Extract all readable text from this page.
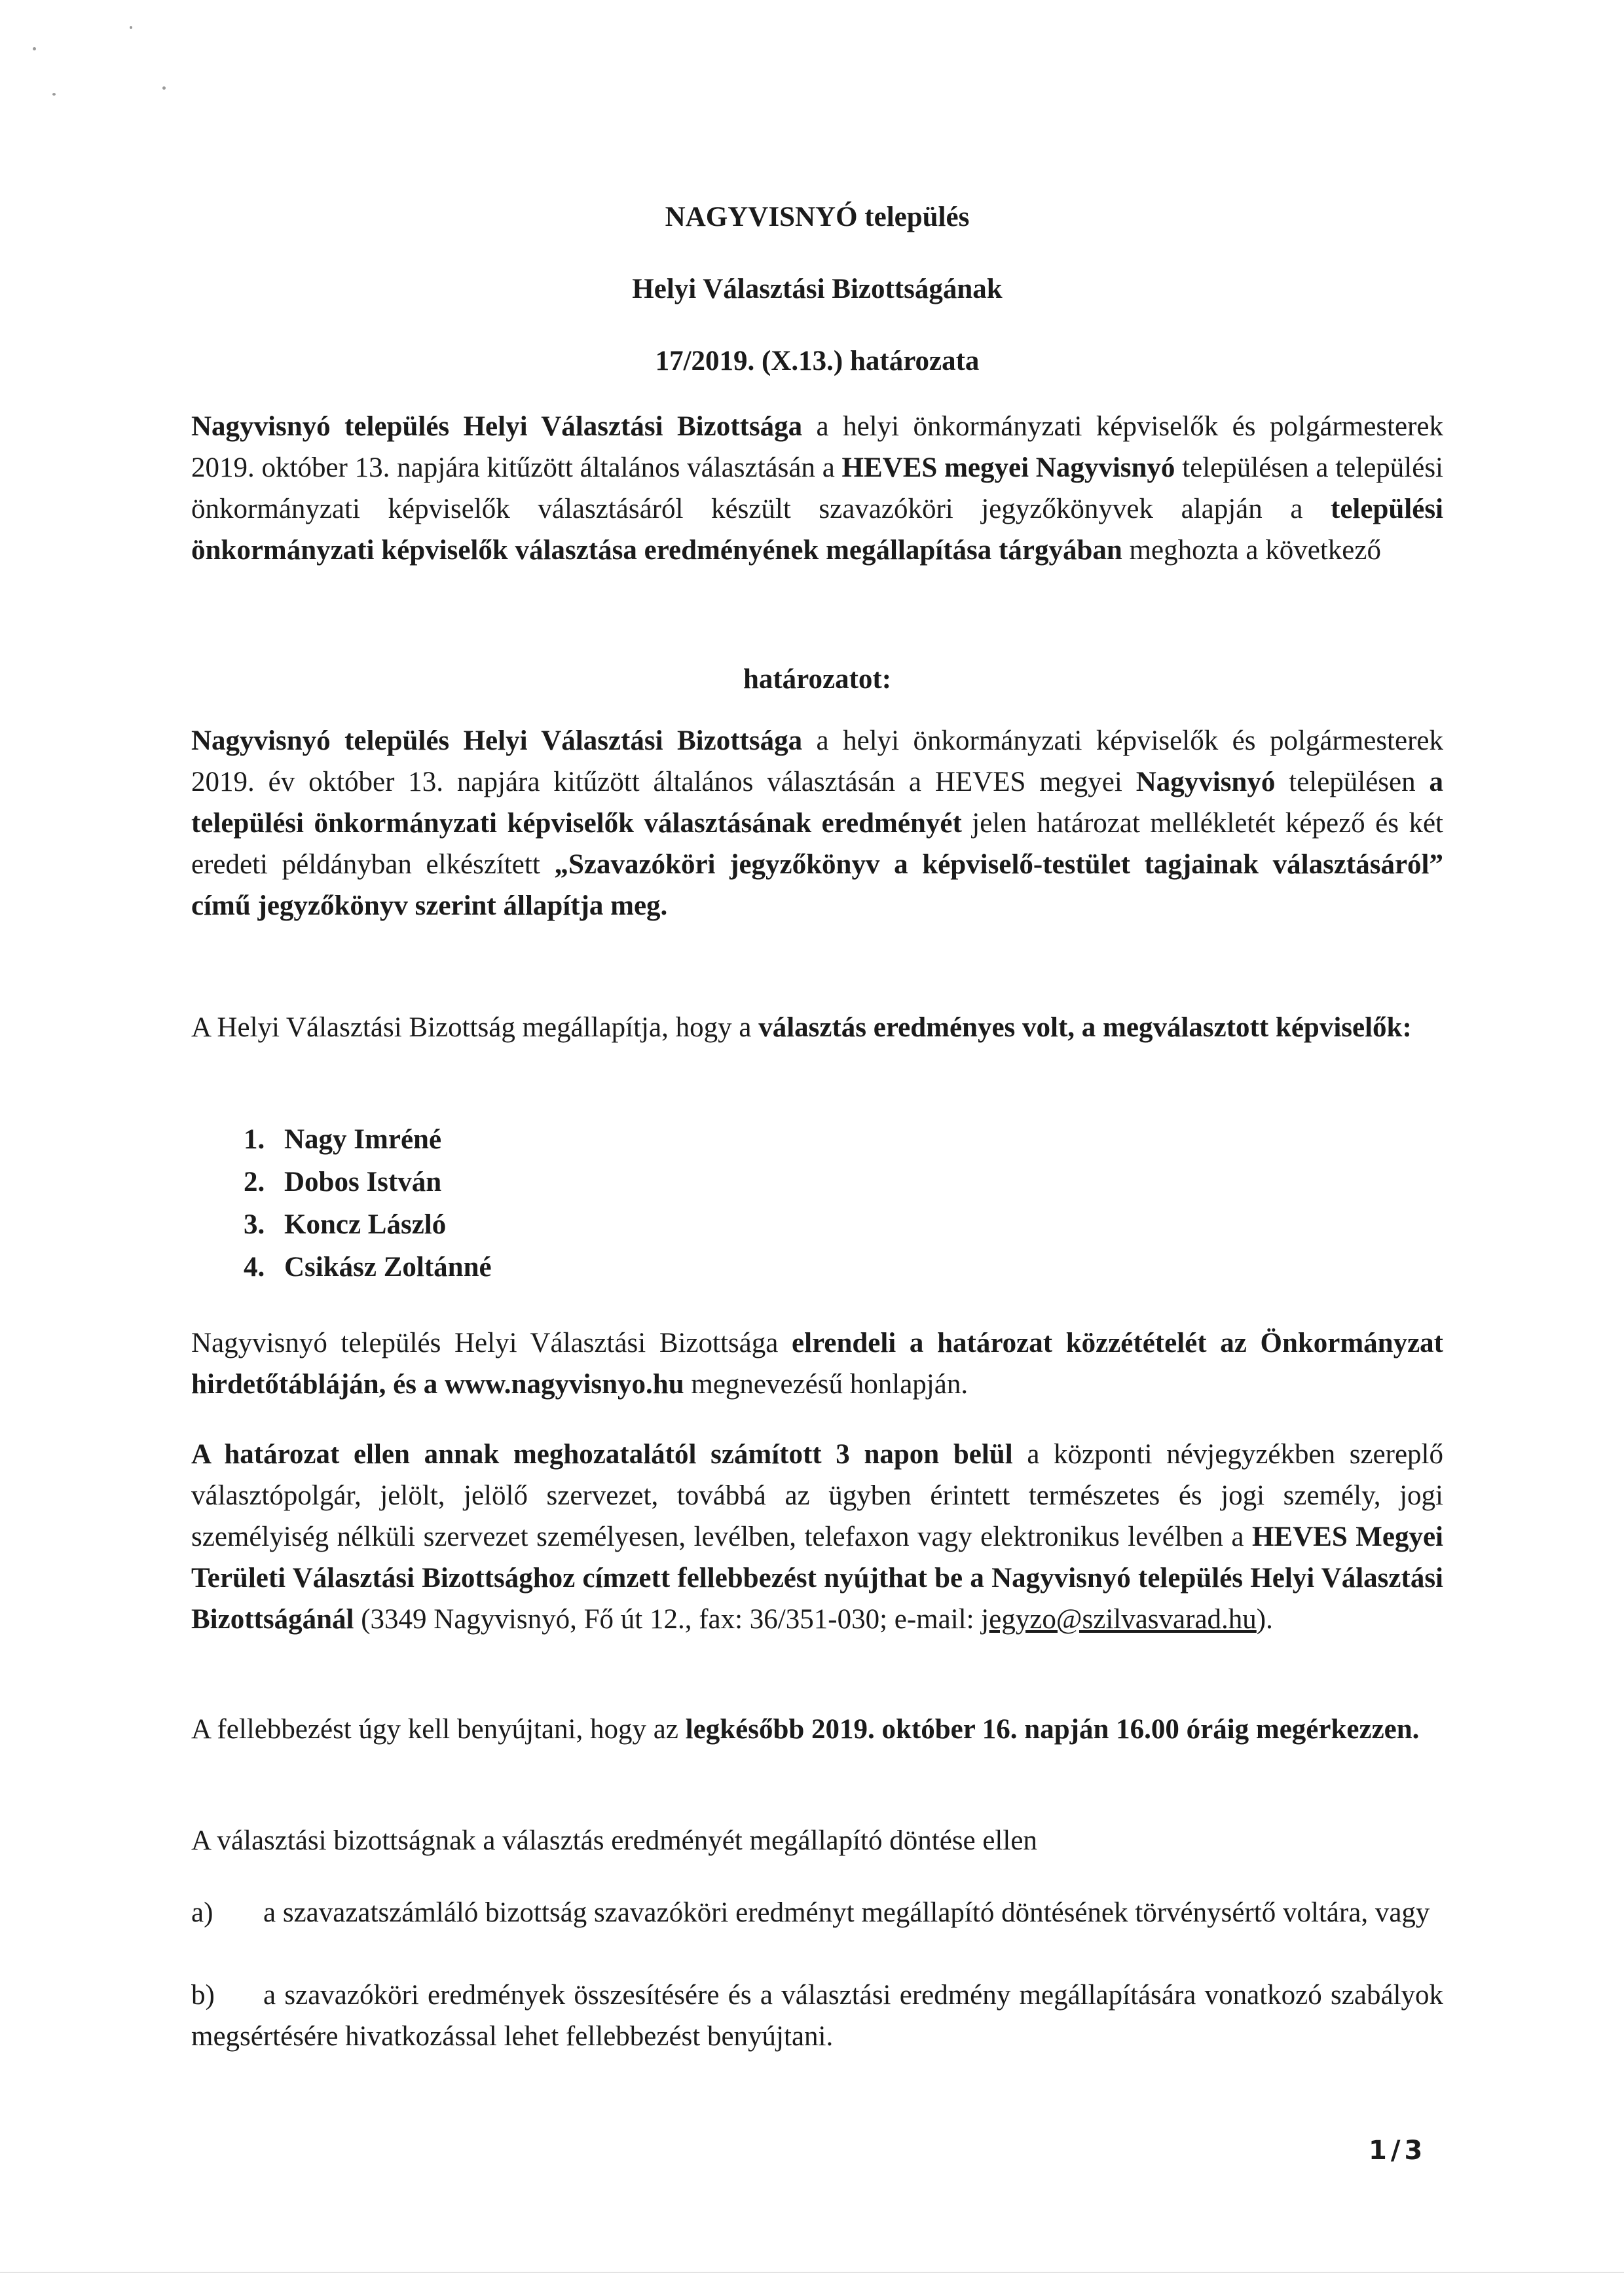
NAGYVISNYÓ település
Helyi Választási Bizottságának
17/2019. (X.13.) határozata
Nagyvisnyó település Helyi Választási Bizottsága a helyi önkormányzati képviselők és polgármesterek 2019. október 13. napjára kitűzött általános választásán a HEVES megyei Nagyvisnyó településen a települési önkormányzati képviselők választásáról készült szavazóköri jegyzőkönyvek alapján a települési önkormányzati képviselők választása eredményének megállapítása tárgyában meghozta a következő
határozatot:
Nagyvisnyó település Helyi Választási Bizottsága a helyi önkormányzati képviselők és polgármesterek 2019. év október 13. napjára kitűzött általános választásán a HEVES megyei Nagyvisnyó településen a települési önkormányzati képviselők választásának eredményét jelen határozat mellékletét képező és két eredeti példányban elkészített „Szavazóköri jegyzőkönyv a képviselő-testület tagjainak választásáról” című jegyzőkönyv szerint állapítja meg.
A Helyi Választási Bizottság megállapítja, hogy a választás eredményes volt, a megválasztott képviselők:
1. Nagy Imréné
2. Dobos István
3. Koncz László
4. Csikász Zoltánné
Nagyvisnyó település Helyi Választási Bizottsága elrendeli a határozat közzétételét az Önkormányzat hirdetőtábláján, és a www.nagyvisnyo.hu megnevezésű honlapján.
A határozat ellen annak meghozatalától számított 3 napon belül a központi névjegyzékben szereplő választópolgár, jelölt, jelölő szervezet, továbbá az ügyben érintett természetes és jogi személy, jogi személyiség nélküli szervezet személyesen, levélben, telefaxon vagy elektronikus levélben a HEVES Megyei Területi Választási Bizottsághoz címzett fellebbezést nyújthat be a Nagyvisnyó település Helyi Választási Bizottságánál (3349 Nagyvisnyó, Fő út 12., fax: 36/351-030; e-mail: jegyzo@szilvasvarad.hu).
A fellebbezést úgy kell benyújtani, hogy az legkésőbb 2019. október 16. napján 16.00 óráig megérkezzen.
A választási bizottságnak a választás eredményét megállapító döntése ellen
a) a szavazatszámláló bizottság szavazóköri eredményt megállapító döntésének törvénysértő voltára, vagy
b) a szavazóköri eredmények összesítésére és a választási eredmény megállapítására vonatkozó szabályok megsértésére hivatkozással lehet fellebbezést benyújtani.
1/3
